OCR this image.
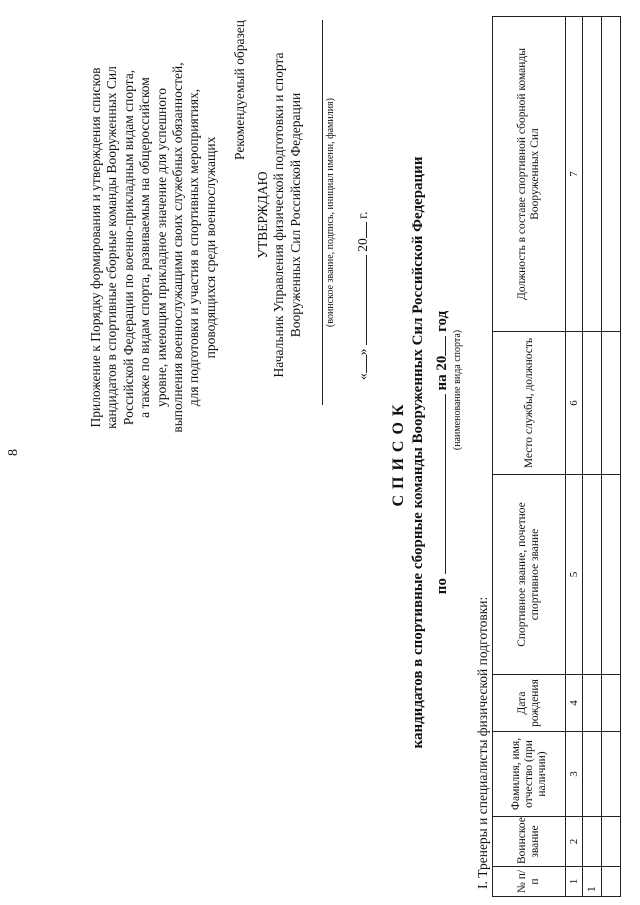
8
Приложение к Порядку формирования и утверждения списков кандидатов в спортивные сборные команды Вооруженных Сил Российской Федерации по военно-прикладным видам спорта, а также по видам спорта, развиваемым на общероссийском уровне, имеющим прикладное значение для успешного выполнения военнослужащими своих служебных обязанностей, для подготовки и участия в спортивных мероприятиях, проводящихся среди военнослужащих
Рекомендуемый образец
УТВЕРЖДАЮ Начальник Управления физической подготовки и спорта Вооруженных Сил Российской Федерации (воинское звание, подпись, инициал имени, фамилия)
«»  20 г.
СПИСОК кандидатов в спортивные сборные команды Вооруженных Сил Российской Федерации по  на 20 год
(наименование вида спорта)
I. Тренеры и специалисты физической подготовки: № п/п	Воинское звание	Фамилия, имя, отчество (при наличии)	Дата рождения	Спортивное звание, почетное спортивное звание	Место службы, должность	Должность в составе спортивной сборной команды Вооруженных Сил
1	2	3	4	5	6	7
1						
